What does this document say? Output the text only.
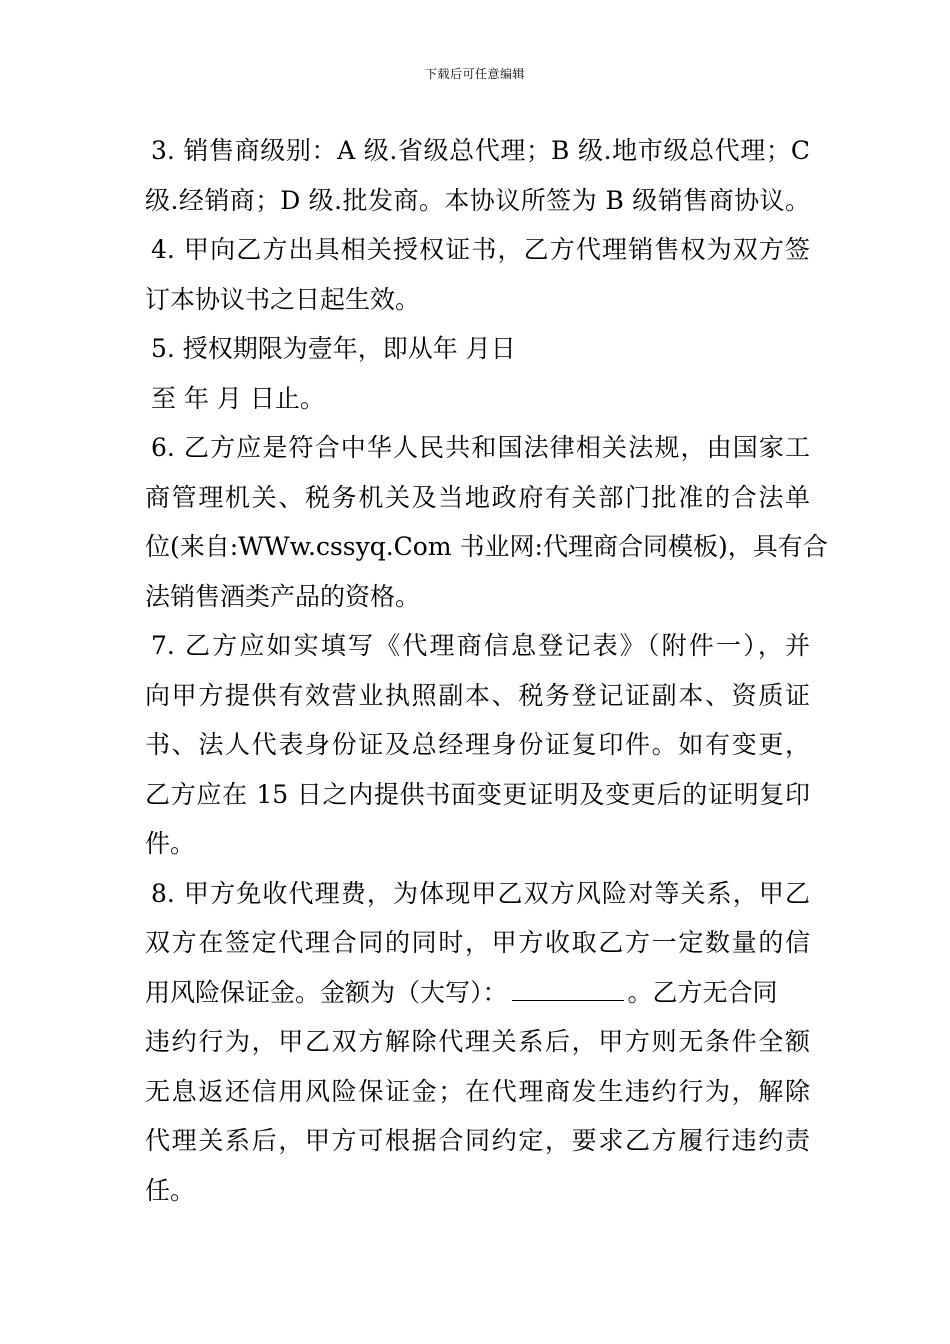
下载后可任意编辑
3. 销售商级别：A 级.省级总代理；B 级.地市级总代理；C
级.经销商；D 级.批发商。本协议所签为 B 级销售商协议。
4. 甲向乙方出具相关授权证书，乙方代理销售权为双方签
订本协议书之日起生效。
5. 授权期限为壹年，即从年 月日
至 年 月 日止。
6. 乙方应是符合中华人民共和国法律相关法规，由国家工
商管理机关、税务机关及当地政府有关部门批准的合法单
位(来自:WWw.cssyq.Com 书业网:代理商合同模板)，具有合
法销售酒类产品的资格。
7. 乙方应如实填写《代理商信息登记表》（附件一），并
向甲方提供有效营业执照副本、税务登记证副本、资质证
书、法人代表身份证及总经理身份证复印件。如有变更，
乙方应在 15 日之内提供书面变更证明及变更后的证明复印
件。
8. 甲方免收代理费，为体现甲乙双方风险对等关系，甲乙
双方在签定代理合同的同时，甲方收取乙方一定数量的信
用风险保证金。金额为（大写）：	。乙方无合同
违约行为，甲乙双方解除代理关系后，甲方则无条件全额
无息返还信用风险保证金；在代理商发生违约行为，解除
代理关系后，甲方可根据合同约定，要求乙方履行违约责
任。
